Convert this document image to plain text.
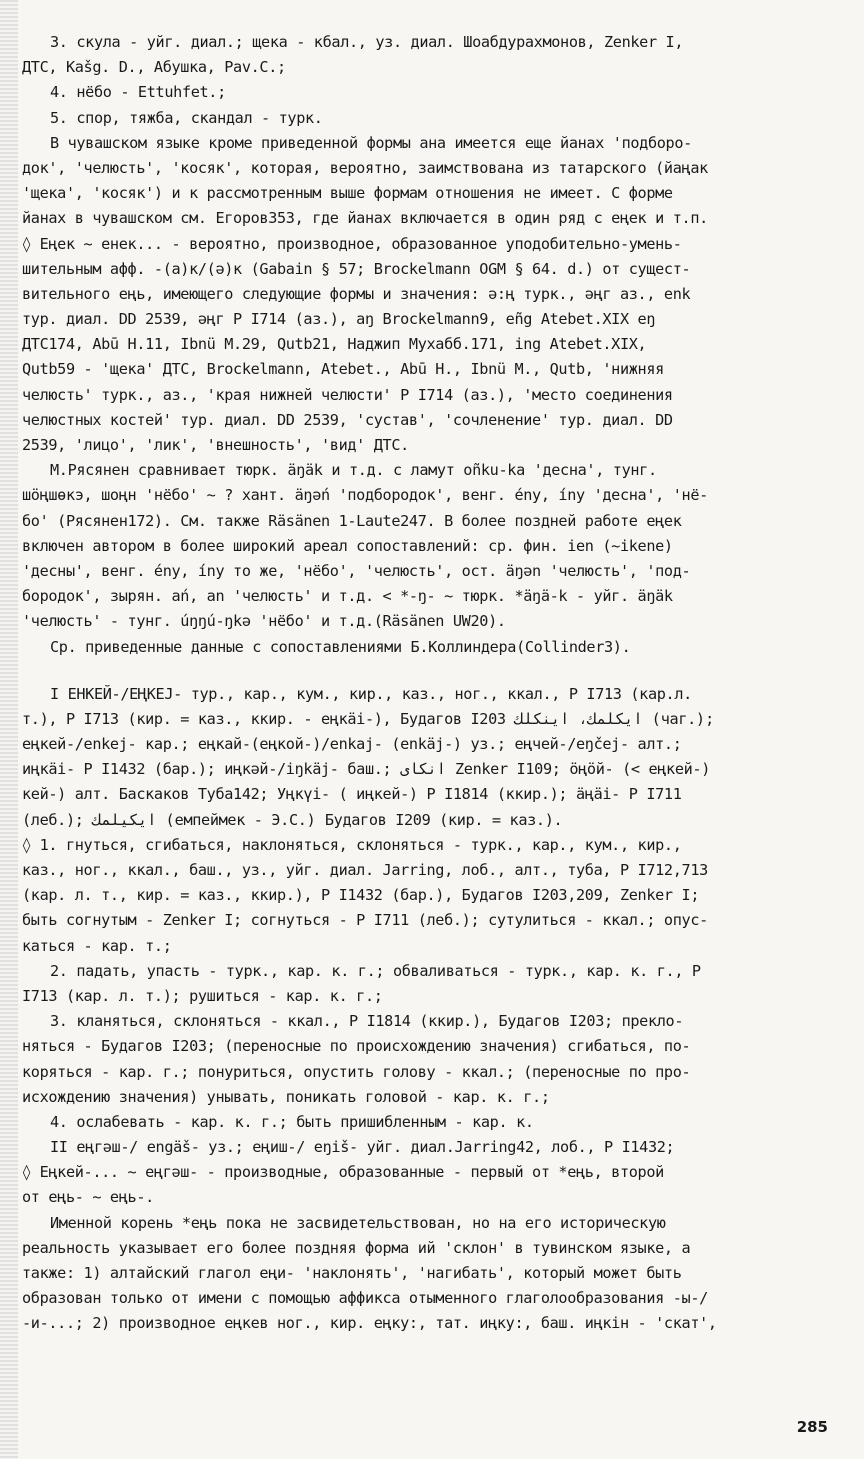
3. скула - уйг. диал.; щека - кбал., уз. диал. Шоабдурахмонов, Zenker I,
ДТС, Kašg. D., Абушка, Pav.C.;
4. нёбо - Ettuhfet.;
5. спор, тяжба, скандал - турк.
В чувашском языке кроме приведенной формы ана имеется еще йанах 'подборо-
док', 'челюсть', 'косяк', которая, вероятно, заимствована из татарского (йаңак
'щека', 'косяк') и к рассмотренным выше формам отношения не имеет. С форме
йанах в чувашском см. Егоров353, где йанах включается в один ряд с еңек и т.п.
◊ Еңек ~ енек... - вероятно, производное, образованное уподобительно-умень-
шительным афф. -(а)к/(ə)к (Gabain § 57; Brockelmann OGM § 64. d.) от сущест-
вительного еңь, имеющего следующие формы и значения: ə:ң турк., әңг аз., enk
тур. диал. DD 2539, әңг Р I714 (аз.), aŋ Brockelmann9, eñg Atebet.XIX eŋ
ДТС174, Abū H.11, Ibnü M.29, Qutb21, Наджип Мухабб.171, ing Atebet.XIX,
Qutb59 - 'щека' ДТС, Brockelmann, Atebet., Abū H., Ibnü M., Qutb, 'нижняя
челюсть' турк., аз., 'края нижней челюсти' Р I714 (аз.), 'место соединения
челюстных костей' тур. диал. DD 2539, 'сустав', 'сочленение' тур. диал. DD
2539, 'лицо', 'лик', 'внешность', 'вид' ДТС.
М.Рясянен сравнивает тюрк. äŋäk и т.д. с ламут oñku-ka 'десна', тунг.
шöңшөкэ, шоңн 'нёбо' ~ ? хант. äŋəń 'подбородок', венг. ény, íny 'десна', 'нё-
бо' (Рясянен172). См. также Räsänen 1-Laute247. В более поздней работе еңек
включен автором в более широкий ареал сопоставлений: ср. фин. ien (~ikene)
'десны', венг. ény, íny то же, 'нёбо', 'челюсть', ост. äŋən 'челюсть', 'под-
бородок', зырян. ań, an 'челюсть' и т.д. < *-ŋ- ~ тюрк. *äŋä-k - уйг. äŋäk
'челюсть' - тунг. úŋŋú-ŋkə 'нёбо' и т.д.(Räsänen UW20).
Ср. приведенные данные с сопоставлениями Б.Коллиндера(Collinder3).
I ЕНКЕЙ-/ЕҢКЕЈ- тур., кар., кум., кир., каз., ног., ккал., Р I713 (кар.л.
т.), Р I713 (кир. = каз., ккир. - еңкäі-), Будагов I203 ایکلمك، اینکلك (чаг.);
еңкей-/enkej- кар.; еңкай-(еңкой-)/еnkaj- (enkäj-) уз.; еңчей-/eŋčej- алт.;
иңкäi- Р I1432 (бар.); иңкәй-/iŋkäj- баш.; انکای Zenker I109; öңöй- (< еңкей-)
кей-) алт. Баскаков Туба142; Уңкүi- ( иңкей-) Р I1814 (ккир.); äңäi- Р I711
(леб.); ایکیلمك (емпеймек - Э.С.) Будагов I209 (кир. = каз.).
◊ 1. гнуться, сгибаться, наклоняться, склоняться - турк., кар., кум., кир.,
каз., ног., ккал., баш., уз., уйг. диал. Jarring, лоб., алт., туба, Р I712,713
(кар. л. т., кир. = каз., ккир.), Р I1432 (бар.), Будагов I203,209, Zenker I;
быть согнутым - Zenker I; согнуться - Р I711 (леб.); сутулиться - ккал.; опус-
каться - кар. т.;
2. падать, упасть - турк., кар. к. г.; обваливаться - турк., кар. к. г., Р
I713 (кар. л. т.); рушиться - кар. к. г.;
3. кланяться, склоняться - ккал., Р I1814 (ккир.), Будагов I203; прекло-
няться - Будагов I203; (переносные по происхождению значения) сгибаться, по-
коряться - кар. г.; понуриться, опустить голову - ккал.; (переносные по про-
исхождению значения) унывать, поникать головой - кар. к. г.;
4. ослабевать - кар. к. г.; быть пришибленным - кар. к.
II еңгәш-/ engäš- уз.; еңиш-/ eŋiš- уйг. диал.Jarring42, лоб., Р I1432;
◊ Еңкей-... ~ еңгәш- - производные, образованные - первый от *еңь, второй
от еңь- ~ еңь-.
Именной корень *еңь пока не засвидетельствован, но на его историческую
реальность указывает его более поздняя форма ий 'склон' в тувинском языке, а
также: 1) алтайский глагол еңи- 'наклонять', 'нагибать', который может быть
образован только от имени с помощью аффикса отыменного глаголообразования -ы-/
-и-...; 2) производное еңкев ног., кир. еңку:, тат. иңку:, баш. иңкін - 'скат',
285
